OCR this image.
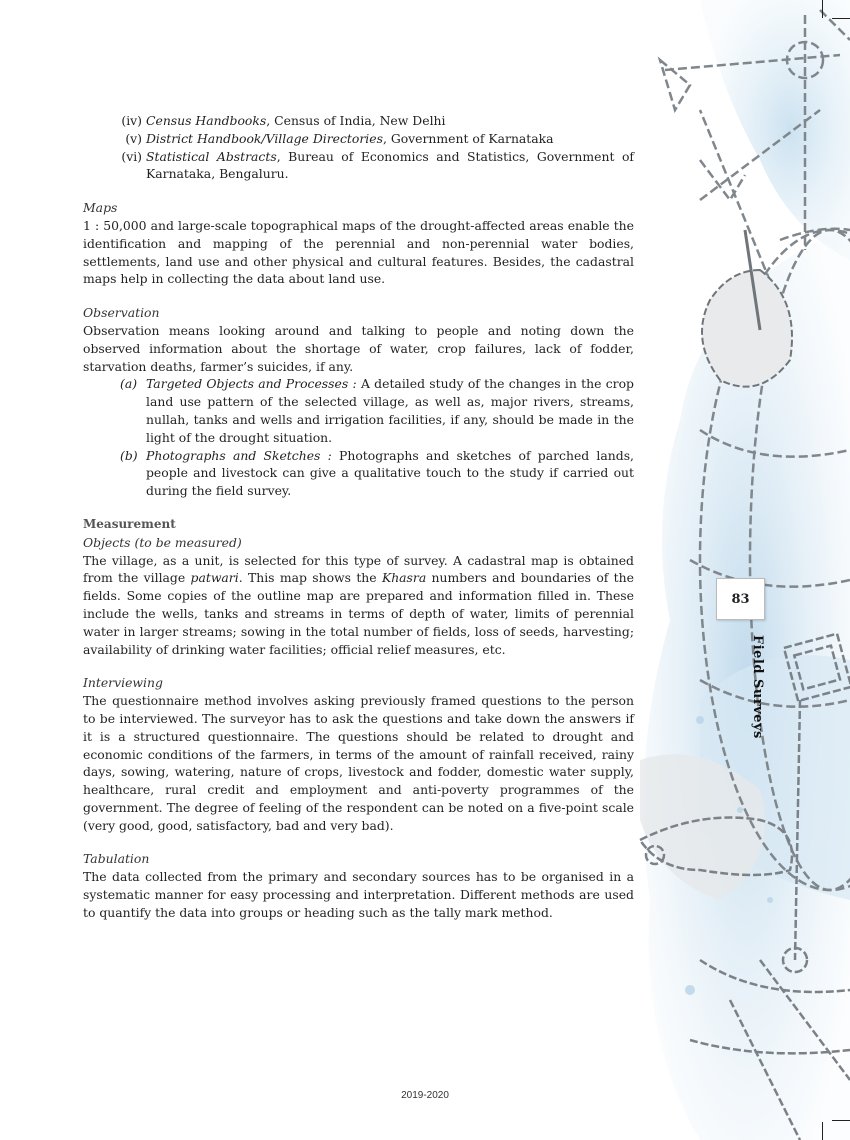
(iv) Census Handbooks, Census of India, New Delhi

(v) District Handbook/Village Directories, Government of Karnataka

(vi) Statistical Abstracts, Bureau of Economics and Statistics, Government of Karnataka, Bengaluru.

Maps

1 : 50,000 and large-scale topographical maps of the drought-affected areas enable the identification and mapping of the perennial and non-perennial water bodies, settlements, land use and other physical and cultural features. Besides, the cadastral maps help in collecting the data about land use.

Observation

Observation means looking around and talking to people and noting down the observed information about the shortage of water, crop failures, lack of fodder, starvation deaths, farmer’s suicides, if any.

(a) Targeted Objects and Processes : A detailed study of the changes in the crop land use pattern of the selected village, as well as, major rivers, streams, nullah, tanks and wells and irrigation facilities, if any, should be made in the light of the drought situation.

(b) Photographs and Sketches : Photographs and sketches of parched lands, people and livestock can give a qualitative touch to the study if carried out during the field survey.

Measurement

Objects (to be measured)

The village, as a unit, is selected for this type of survey. A cadastral map is obtained from the village patwari. This map shows the Khasra numbers and boundaries of the fields. Some copies of the outline map are prepared and information filled in. These include the wells, tanks and streams in terms of depth of water, limits of perennial water in larger streams; sowing in the total number of fields, loss of seeds, harvesting; availability of drinking water facilities; official relief measures, etc.

Interviewing

The questionnaire method involves asking previously framed questions to the person to be interviewed. The surveyor has to ask the questions and take down the answers if it is a structured questionnaire. The questions should be related to drought and economic conditions of the farmers, in terms of the amount of rainfall received, rainy days, sowing, watering, nature of crops, livestock and fodder, domestic water supply, healthcare, rural credit and employment and anti-poverty programmes of the government. The degree of feeling of the respondent can be noted on a five-point scale (very good, good, satisfactory, bad and very bad).

Tabulation

The data collected from the primary and secondary sources has to be organised in a systematic manner for easy processing and interpretation. Different methods are used to quantify the data into groups or heading such as the tally mark method.

83
Field Surveys
2019-2020
